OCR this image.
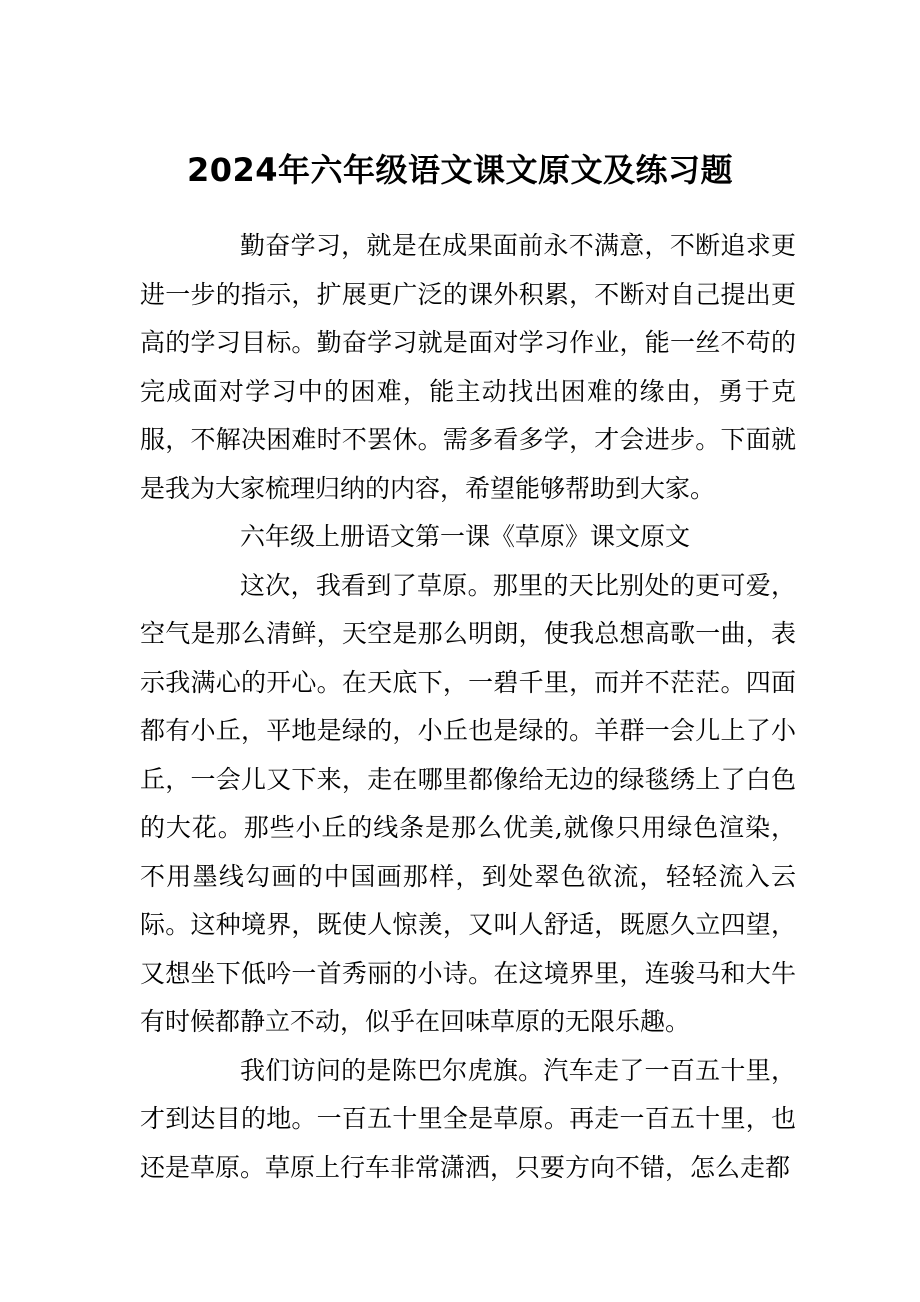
2024年六年级语文课文原文及练习题

勤奋学习，就是在成果面前永不满意，不断追求更进一步的指示，扩展更广泛的课外积累，不断对自己提出更高的学习目标。勤奋学习就是面对学习作业，能一丝不苟的完成面对学习中的困难，能主动找出困难的缘由，勇于克服，不解决困难时不罢休。需多看多学，才会进步。下面就是我为大家梳理归纳的内容，希望能够帮助到大家。

六年级上册语文第一课《草原》课文原文

这次，我看到了草原。那里的天比别处的更可爱，空气是那么清鲜，天空是那么明朗，使我总想高歌一曲，表示我满心的开心。在天底下，一碧千里，而并不茫茫。四面都有小丘，平地是绿的，小丘也是绿的。羊群一会儿上了小丘，一会儿又下来，走在哪里都像给无边的绿毯绣上了白色的大花。那些小丘的线条是那么优美,就像只用绿色渲染，不用墨线勾画的中国画那样，到处翠色欲流，轻轻流入云际。这种境界，既使人惊羡，又叫人舒适，既愿久立四望，又想坐下低吟一首秀丽的小诗。在这境界里，连骏马和大牛有时候都静立不动，似乎在回味草原的无限乐趣。

我们访问的是陈巴尔虎旗。汽车走了一百五十里，才到达目的地。一百五十里全是草原。再走一百五十里，也还是草原。草原上行车非常潇洒，只要方向不错，怎么走都
